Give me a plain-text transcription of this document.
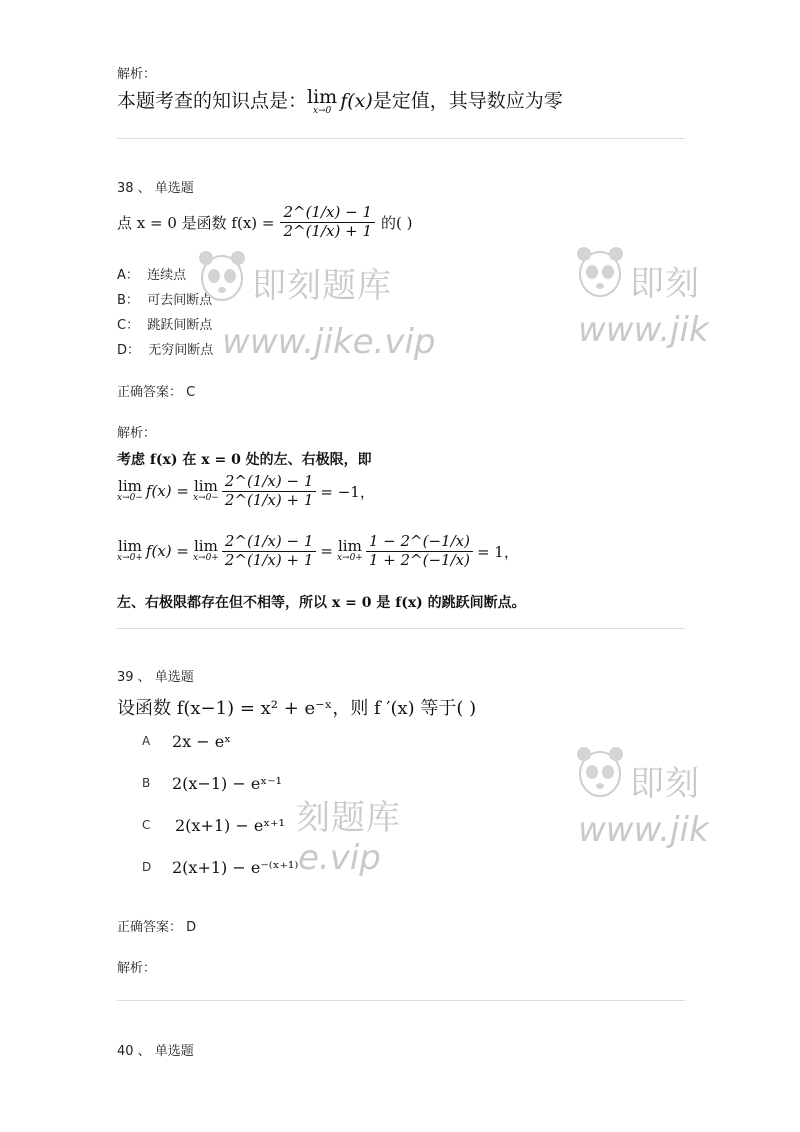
解析：
本题考查的知识点是： lim
x→0 f(x)是定值，其导数应为零
38 、 单选题
点 x = 0 是函数 $f(x) = \frac{2\^{}(1/x) - 1}{2\^{}(1/x) + 1}$ 的( )
A： 连续点
B： 可去间断点
C： 跳跃间断点
D： 无穷间断点
正确答案： C
解析：
考虑 f(x) 在 x = 0 处的左、右极限，即
lim
x→0− f(x) = lim
$x\to 0- \frac{2\^{}(1/x) - 1}{2\^{}(1/x) + 1} = -1$，
lim
x→0+ f(x) = lim
$x\to 0+ \frac{2\^{}(1/x) - 1}{2\^{}(1/x) + 1} = \lim$
$x\to 0+ \frac{1 - 2\^{}(-1/x)}{1 + 2\^{}(-1/x)} = 1$，
左、右极限都存在但不相等，所以 x = 0 是 f(x) 的跳跃间断点。
39 、 单选题
设函数 f(x−1) = x² + e⁻ˣ，则 f ′(x) 等于( )
A 2x − eˣ
B 2(x−1) − eˣ⁻¹
C 2(x+1) − eˣ⁺¹
D 2(x+1) − e⁻⁽ˣ⁺¹⁾
正确答案： D
解析：
40 、 单选题
即刻题库
www.jike.vip
即刻
www.jik
即刻
www.jik
刻题库
e.vip
